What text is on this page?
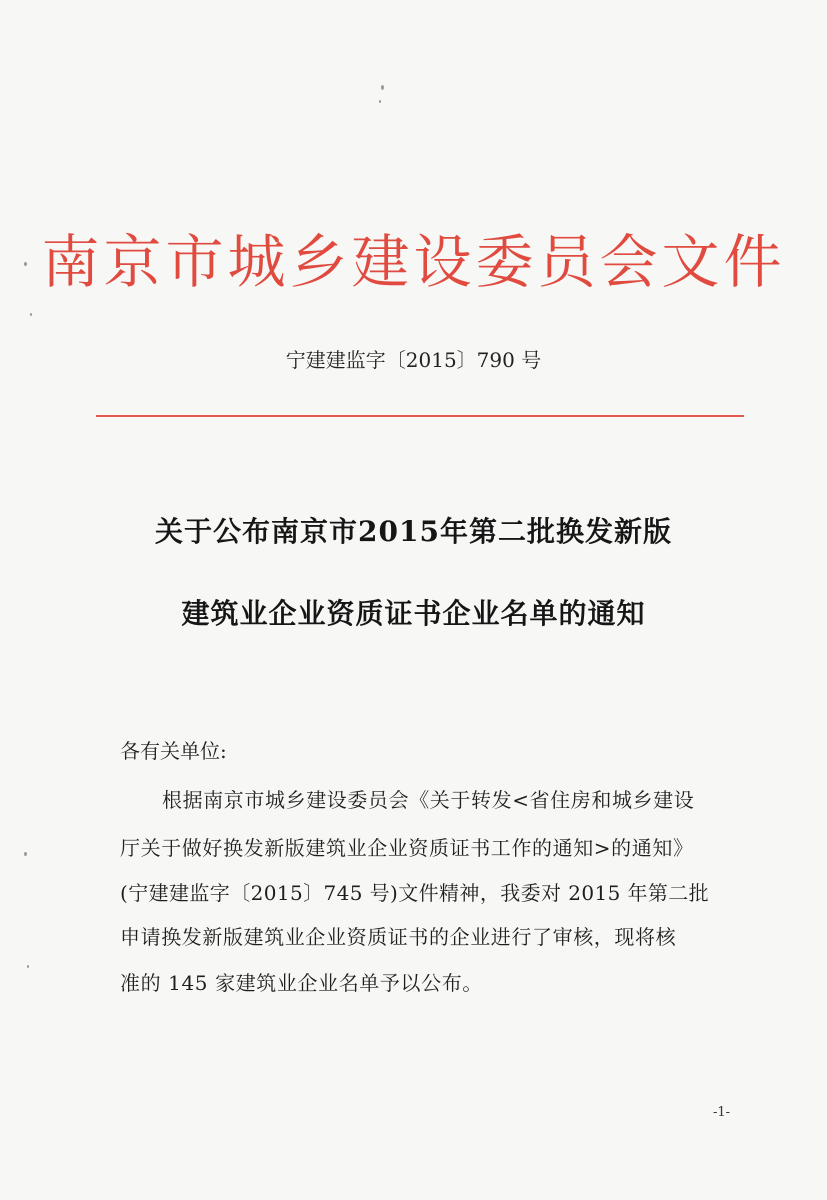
南京市城乡建设委员会文件
宁建建监字〔2015〕790 号
关于公布南京市2015年第二批换发新版
建筑业企业资质证书企业名单的通知
各有关单位:
根据南京市城乡建设委员会《关于转发<省住房和城乡建设
厅关于做好换发新版建筑业企业资质证书工作的通知>的通知》
(宁建建监字〔2015〕745 号)文件精神，我委对 2015 年第二批
申请换发新版建筑业企业资质证书的企业进行了审核，现将核
准的 145 家建筑业企业名单予以公布。
-1-
